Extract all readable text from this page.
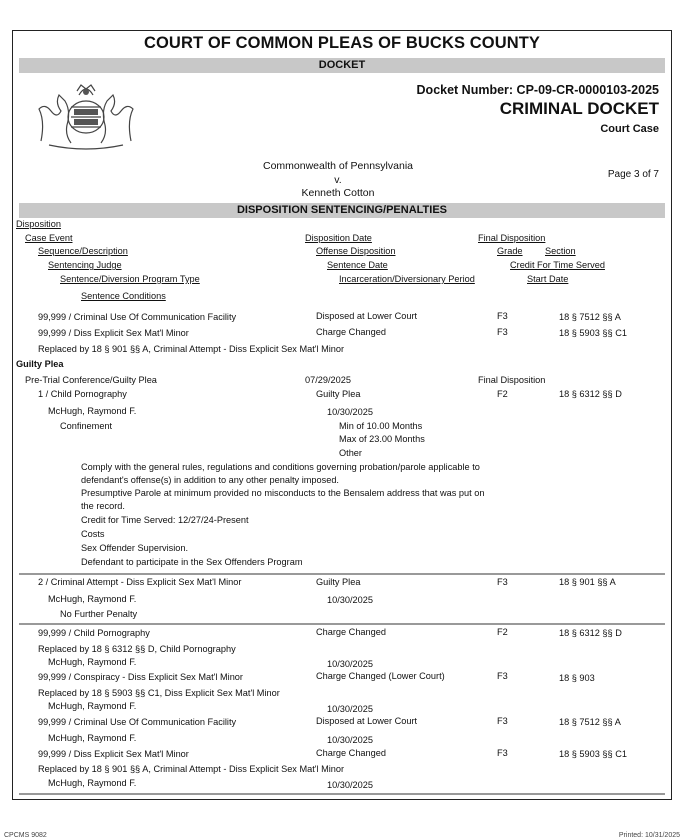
COURT OF COMMON PLEAS OF BUCKS COUNTY
DOCKET
Docket Number: CP-09-CR-0000103-2025
CRIMINAL DOCKET
Court Case
Commonwealth of Pennsylvania
v.
Kenneth Cotton
Page 3 of 7
DISPOSITION SENTENCING/PENALTIES
Disposition
Case Event
Sequence/Description
Sentencing Judge
Sentence/Diversion Program Type
Sentence Conditions
Disposition Date
Offense Disposition
Sentence Date
Incarceration/Diversionary Period
Final Disposition
Grade Section
Credit For Time Served
Start Date
99,999 / Criminal Use Of Communication Facility	Disposed at Lower Court	F3	18 § 7512 §§ A
99,999 / Diss Explicit Sex Mat'l Minor	Charge Changed	F3	18 § 5903 §§ C1
Replaced by 18 § 901 §§ A, Criminal Attempt - Diss Explicit Sex Mat'l Minor
Guilty Plea
Pre-Trial Conference/Guilty Plea	07/29/2025	Final Disposition
1 / Child Pornography	Guilty Plea	F2	18 § 6312 §§ D
McHugh, Raymond F.	10/30/2025
Confinement	Min of 10.00 Months
Max of 23.00 Months
Other
Comply with the general rules, regulations and conditions governing probation/parole applicable to
defendant's offense(s) in addition to any other penalty imposed.
Presumptive Parole at minimum provided no misconducts to the Bensalem address that was put on
the record.
Credit for Time Served: 12/27/24-Present
Costs
Sex Offender Supervision.
Defendant to participate in the Sex Offenders Program
2 / Criminal Attempt - Diss Explicit Sex Mat'l Minor	Guilty Plea	F3	18 § 901 §§ A
McHugh, Raymond F.	10/30/2025
No Further Penalty
99,999 / Child Pornography	Charge Changed	F2	18 § 6312 §§ D
Replaced by 18 § 6312 §§ D, Child Pornography
McHugh, Raymond F.	10/30/2025
99,999 / Conspiracy - Diss Explicit Sex Mat'l Minor	Charge Changed (Lower Court)	F3	18 § 903
Replaced by 18 § 5903 §§ C1, Diss Explicit Sex Mat'l Minor
McHugh, Raymond F.	10/30/2025
99,999 / Criminal Use Of Communication Facility	Disposed at Lower Court	F3	18 § 7512 §§ A
McHugh, Raymond F.	10/30/2025
99,999 / Diss Explicit Sex Mat'l Minor	Charge Changed	F3	18 § 5903 §§ C1
Replaced by 18 § 901 §§ A, Criminal Attempt - Diss Explicit Sex Mat'l Minor
McHugh, Raymond F.	10/30/2025
CPCMS 9082	Printed: 10/31/2025
